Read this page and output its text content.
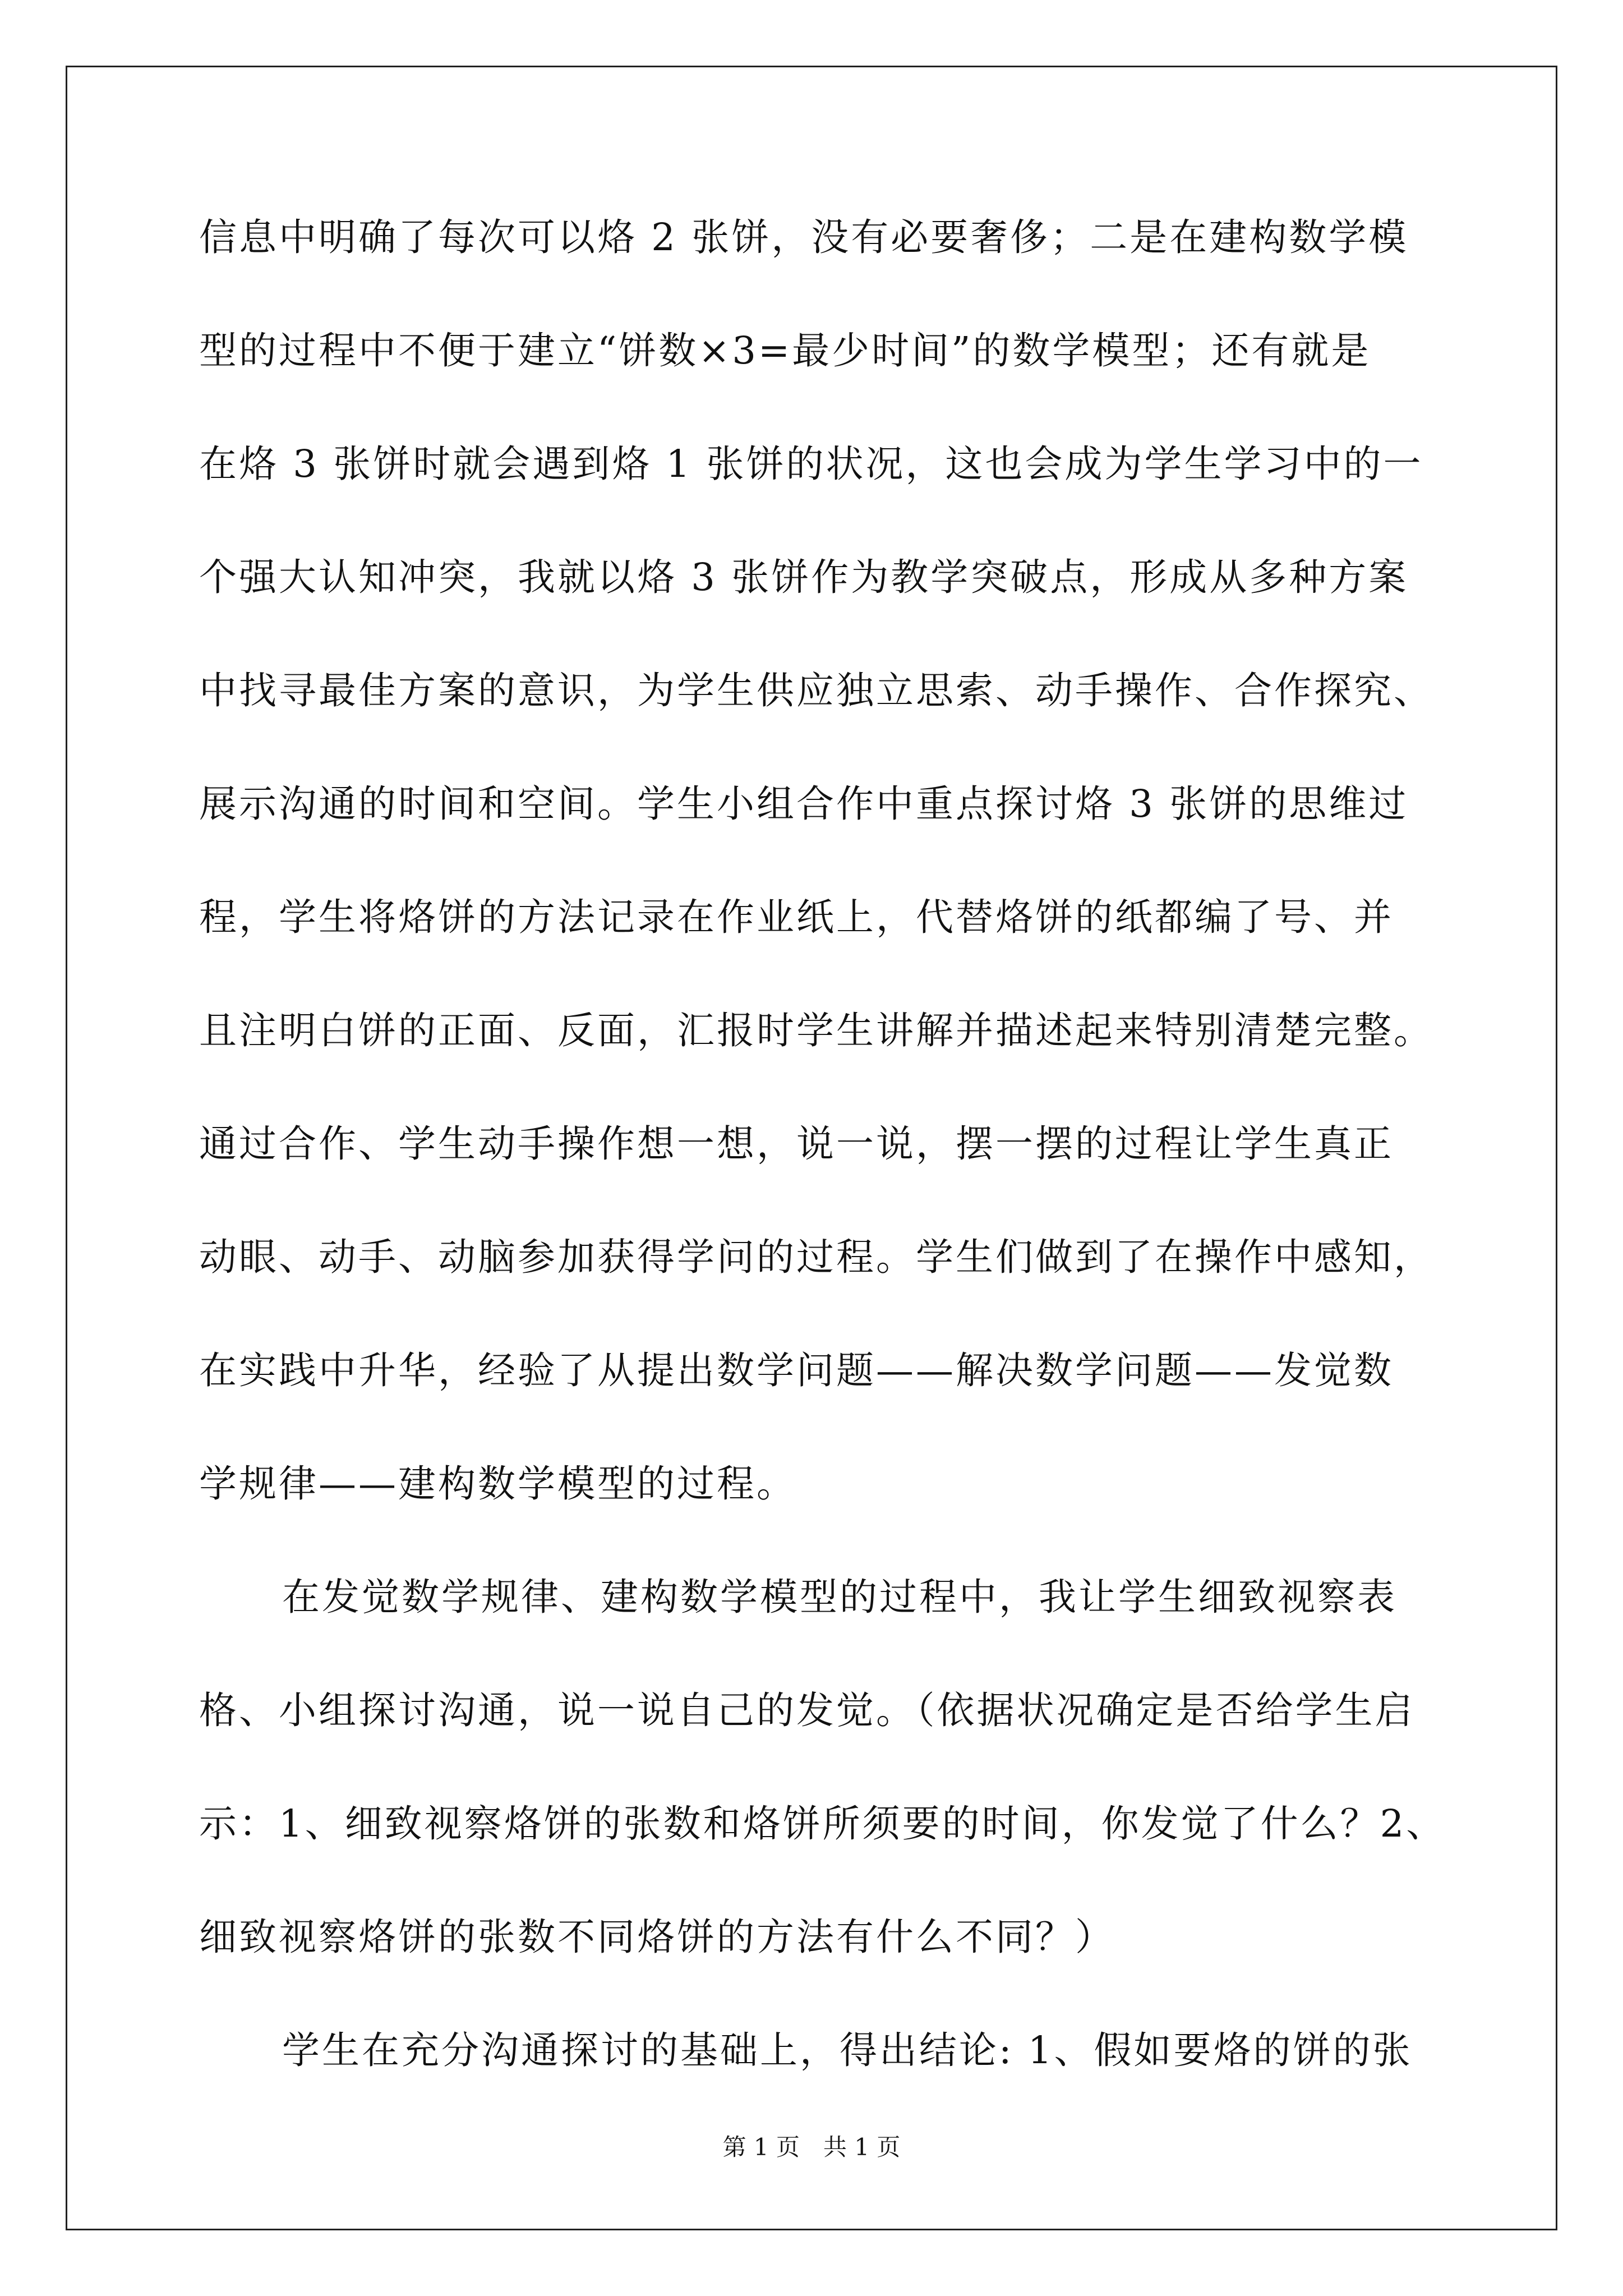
信息中明确了每次可以烙 2 张饼，没有必要奢侈；二是在建构数学模
型的过程中不便于建立“饼数×3=最少时间”的数学模型；还有就是
在烙 3 张饼时就会遇到烙 1 张饼的状况，这也会成为学生学习中的一
个强大认知冲突，我就以烙 3 张饼作为教学突破点，形成从多种方案
中找寻最佳方案的意识，为学生供应独立思索、动手操作、合作探究、
展示沟通的时间和空间。学生小组合作中重点探讨烙 3 张饼的思维过
程，学生将烙饼的方法记录在作业纸上，代替烙饼的纸都编了号、并
且注明白饼的正面、反面，汇报时学生讲解并描述起来特别清楚完整。
通过合作、学生动手操作想一想，说一说，摆一摆的过程让学生真正
动眼、动手、动脑参加获得学问的过程。学生们做到了在操作中感知，
在实践中升华，经验了从提出数学问题——解决数学问题——发觉数
学规律——建构数学模型的过程。
在发觉数学规律、建构数学模型的过程中，我让学生细致视察表
格、小组探讨沟通，说一说自己的发觉。（依据状况确定是否给学生启
示：1、细致视察烙饼的张数和烙饼所须要的时间，你发觉了什么？2、
细致视察烙饼的张数不同烙饼的方法有什么不同？）
学生在充分沟通探讨的基础上，得出结论: 1、假如要烙的饼的张
第 1 页　共 1 页
